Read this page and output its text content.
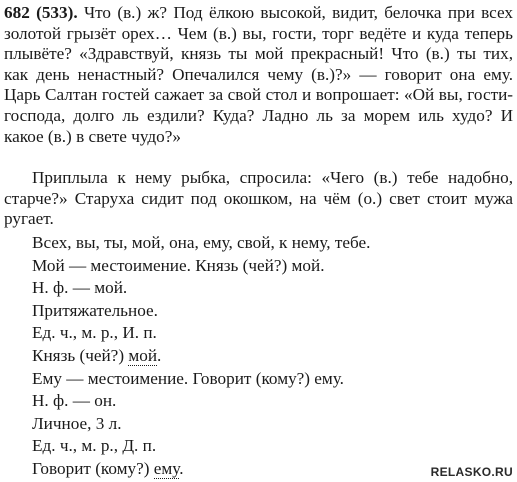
682 (533). Что (в.) ж? Под ёлкою высокой, видит, белочка при всех золотой грызёт орех… Чем (в.) вы, гости, торг ведёте и куда теперь плывёте? «Здравствуй, князь ты мой прекрасный! Что (в.) ты тих, как день ненастный? Опечалился чему (в.)?» — говорит она ему. Царь Салтан гостей сажает за свой стол и вопрошает: «Ой вы, гости-господа, долго ль ездили? Куда? Ладно ль за морем иль худо? И какое (в.) в свете чудо?»

Приплыла к нему рыбка, спросила: «Чего (в.) тебе надобно, старче?» Старуха сидит под окошком, на чём (о.) свет стоит мужа ругает.

Всех, вы, ты, мой, она, ему, свой, к нему, тебе.
Мой — местоимение. Князь (чей?) мой.
Н. ф. — мой.
Притяжательное.
Ед. ч., м. р., И. п.
Князь (чей?) мой.
Ему — местоимение. Говорит (кому?) ему.
Н. ф. — он.
Личное, 3 л.
Ед. ч., м. р., Д. п.
Говорит (кому?) ему.	RELASKO.RU
